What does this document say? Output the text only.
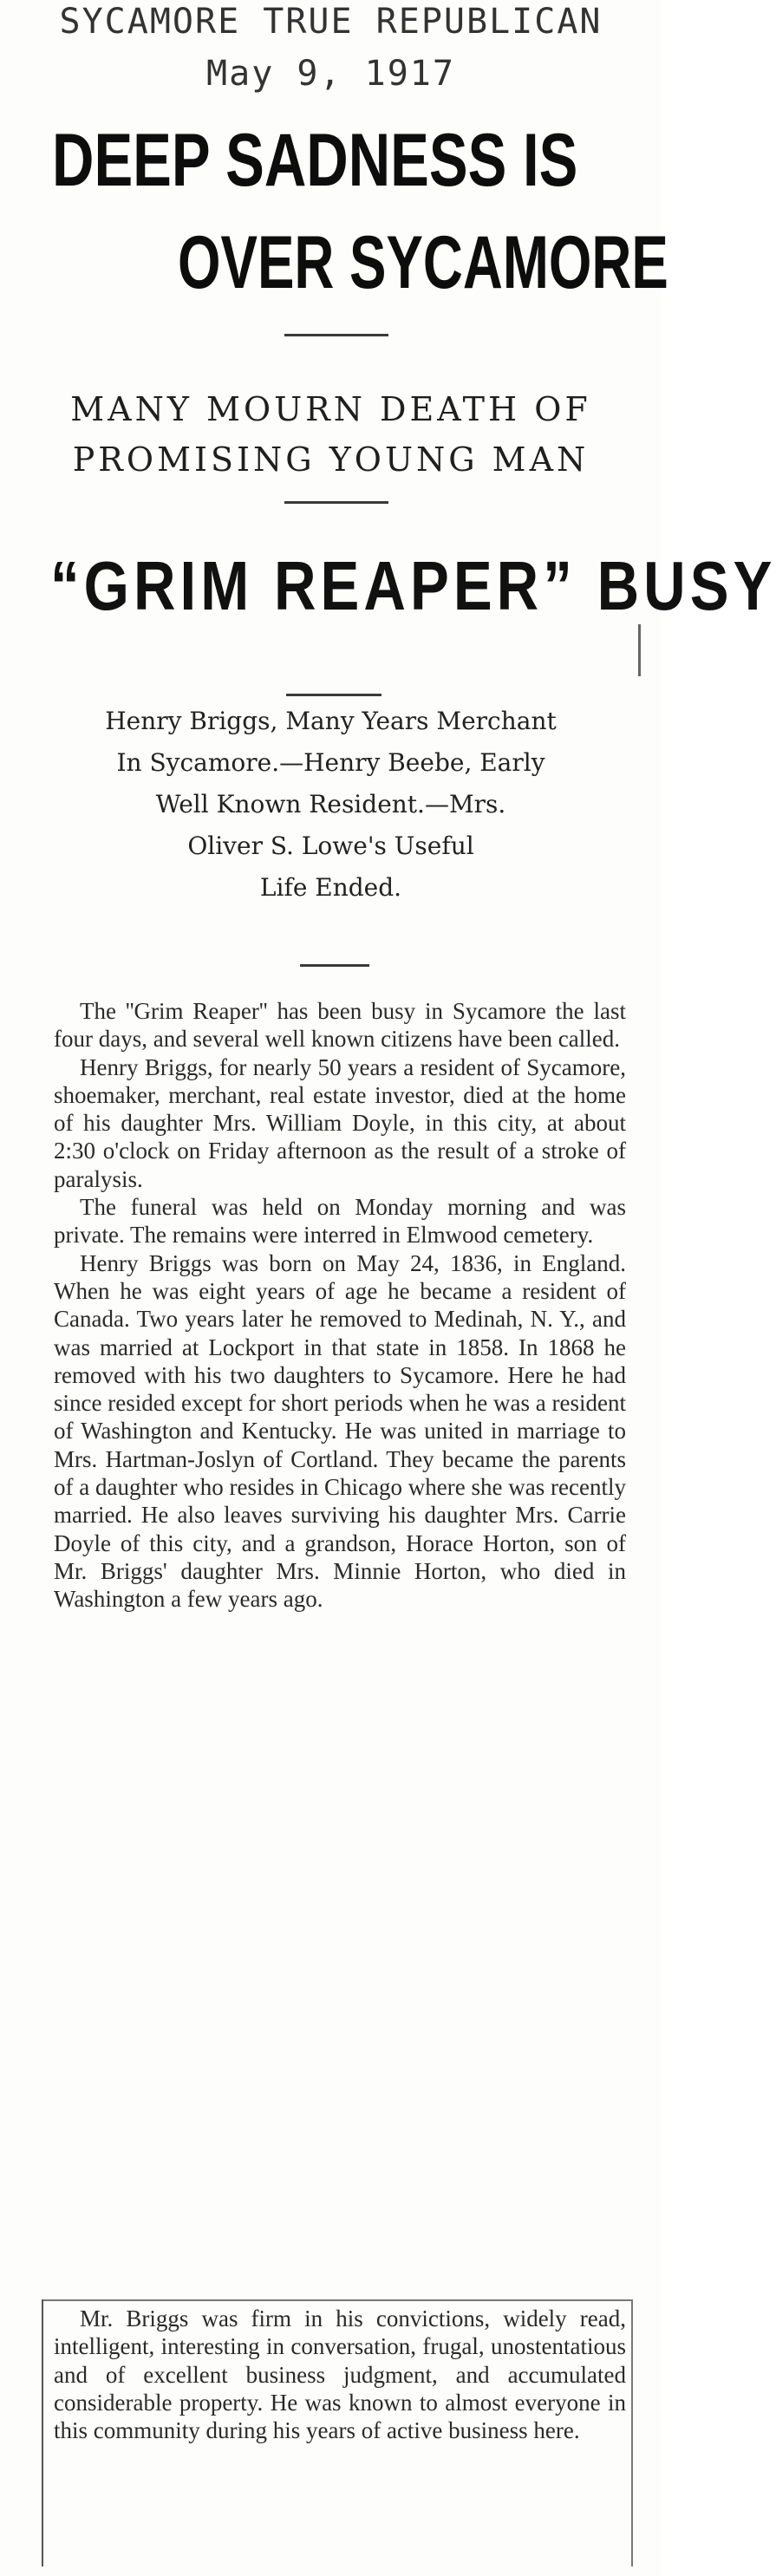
SYCAMORE TRUE REPUBLICAN
May 9, 1917
DEEP SADNESS IS
OVER SYCAMORE
MANY MOURN DEATH OF
PROMISING YOUNG MAN
“GRIM REAPER” BUSY
Henry Briggs, Many Years Merchant
In Sycamore.—Henry Beebe, Early
Well Known Resident.—Mrs.
Oliver S. Lowe's Useful
Life Ended.

The ''Grim Reaper'' has been busy in Sycamore the last four days, and several well known citizens have been called.

Henry Briggs, for nearly 50 years a resident of Sycamore, shoemaker, merchant, real estate investor, died at the home of his daughter Mrs. William Doyle, in this city, at about 2:30 o'clock on Friday afternoon as the result of a stroke of paralysis.

The funeral was held on Monday morning and was private. The remains were interred in Elmwood cemetery.

Henry Briggs was born on May 24, 1836, in England. When he was eight years of age he became a resident of Canada. Two years later he removed to Medinah, N. Y., and was married at Lockport in that state in 1858. In 1868 he removed with his two daughters to Sycamore. Here he had since resided except for short periods when he was a resident of Washington and Kentucky. He was united in marriage to Mrs. Hartman-Joslyn of Cortland. They became the parents of a daughter who resides in Chicago where she was recently married. He also leaves surviving his daughter Mrs. Carrie Doyle of this city, and a grandson, Horace Horton, son of Mr. Briggs' daughter Mrs. Minnie Horton, who died in Washington a few years ago.

Mr. Briggs was firm in his convictions, widely read, intelligent, interesting in conversation, frugal, unostentatious and of excellent business judgment, and accumulated considerable property. He was known to almost everyone in this community during his years of active business here.
